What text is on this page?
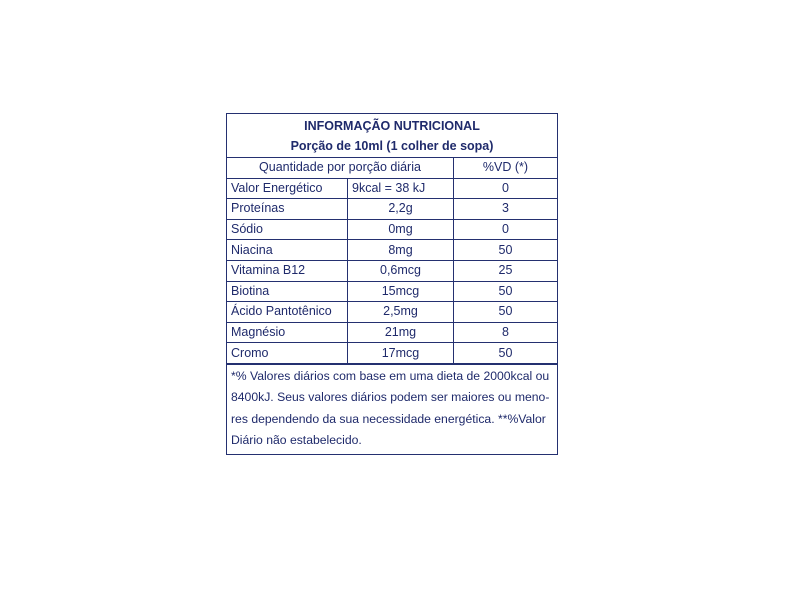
INFORMAÇÃO NUTRICIONAL
Porção de 10ml (1 colher de sopa)
Quantidade por porção diária		%VD (*)
Valor Energético	9kcal = 38 kJ	0
Proteínas	2,2g	3
Sódio	0mg	0
Niacina	8mg	50
Vitamina B12	0,6mcg	25
Biotina	15mcg	50
Ácido Pantotênico	2,5mg	50
Magnésio	21mg	8
Cromo	17mcg	50
*% Valores diários com base em uma dieta de 2000kcal ou
8400kJ. Seus valores diários podem ser maiores ou meno-
res dependendo da sua necessidade energética. **%Valor
Diário não estabelecido.
